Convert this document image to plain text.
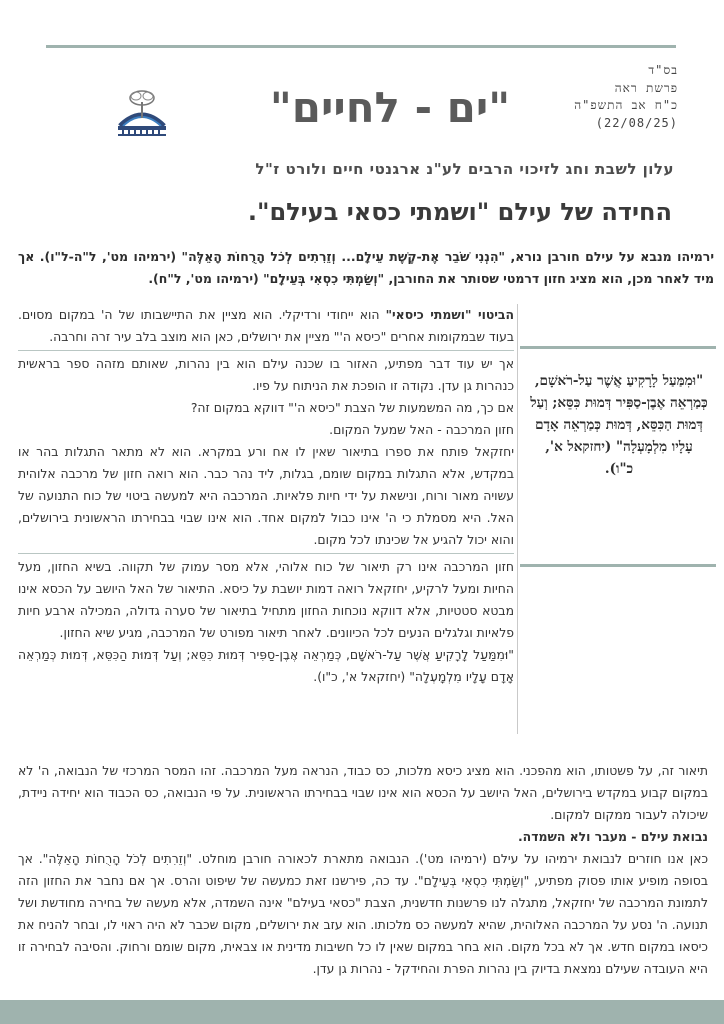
בס"ד
פרשת ראה
כ"ח אב התשפ"ה
(22/08/25)
"ים - לחיים"
עלון לשבת וחג לזיכוי הרבים לע"נ ארגנטי חיים ולורט ז"ל
החידה של עילם "ושמתי כסאי בעילם".

ירמיהו מנבא על עילם חורבן נורא, "הִנְנִי שֹׁבֵר אֶת-קֶשֶׁת עֵילָם... וְזֵרִתִים לְכֹל הָרֻחוֹת הָאֵלֶּה" (ירמיהו מט', ל"ה-ל"ו). אך מיד לאחר מכן, הוא מציג חזון דרמטי שסותר את החורבן, "וְשַׂמְתִּי כִסְאִי בְּעֵילָם" (ירמיהו מט', ל"ח).

הביטוי "ושמתי כיסאי" הוא ייחודי ורדיקלי. הוא מציין את התיישבותו של ה' במקום מסוים. בעוד שבמקומות אחרים "כיסא ה'" מציין את ירושלים, כאן הוא מוצב בלב עיר זרה וחרבה.

אך יש עוד דבר מפתיע, האזור בו שכנה עילם הוא בין נהרות, שאותם מזהה ספר בראשית כנהרות גן עדן. נקודה זו הופכת את הניתוח על פיו.

אם כך, מה המשמעות של הצבת "כיסא ה'" דווקא במקום זה?

חזון המרכבה - האל שמעל המקום.

יחזקאל פותח את ספרו בתיאור שאין לו אח ורע במקרא. הוא לא מתאר התגלות בהר או במקדש, אלא התגלות במקום שומם, בגלות, ליד נהר כבר. הוא רואה חזון של מרכבה אלוהית עשויה מאור ורוח, ונישאת על ידי חיות פלאיות. המרכבה היא למעשה ביטוי של כוח התנועה של האל. היא מסמלת כי ה' אינו כבול למקום אחד. הוא אינו שבוי בבחירתו הראשונית בירושלים, והוא יכול להגיע אל שכינתו לכל מקום.

חזון המרכבה אינו רק תיאור של כוח אלוהי, אלא מסר עמוק של תקווה. בשיא החזון, מעל החיות ומעל לרקיע, יחזקאל רואה דמות יושבת על כיסא. התיאור של האל היושב על הכסא אינו מבטא סטטיות, אלא דווקא נוכחות החזון מתחיל בתיאור של סערה גדולה, המכילה ארבע חיות פלאיות וגלגלים הנעים לכל הכיוונים. לאחר תיאור מפורט של המרכבה, מגיע שיא החזון.

"וּמִמַּעַל לָרָקִיעַ אֲשֶׁר עַל-רֹאשָׁם, כְּמַרְאֵה אֶבֶן-סַפִּיר דְּמוּת כִּסֵּא; וְעַל דְּמוּת הַכִּסֵּא, דְּמוּת כְּמַרְאֵה אָדָם עָלָיו מִלְמָעְלָה" (יחזקאל א', כ"ו).

"וּמִמַּעַל לָרָקִיעַ אֲשֶׁר עַל-רֹאשָׁם, כְּמַרְאֵה אֶבֶן-סַפִּיר דְּמוּת כִּסֵּא; וְעַל דְּמוּת הַכִּסֵּא, דְּמוּת כְּמַרְאֵה אָדָם עָלָיו מִלְמָעְלָה" (יחזקאל א', כ"ו).

תיאור זה, על פשטותו, הוא מהפכני. הוא מציג כיסא מלכות, כס כבוד, הנראה מעל המרכבה. זהו המסר המרכזי של הנבואה, ה' לא במקום קבוע במקדש בירושלים, האל היושב על הכסא הוא אינו שבוי בבחירתו הראשונית. על פי הנבואה, כס הכבוד הוא יחידה ניידת, שיכולה לעבור ממקום למקום.

נבואת עילם - מעבר ולא השמדה.

כאן אנו חוזרים לנבואת ירמיהו על עילם (ירמיהו מט'). הנבואה מתארת לכאורה חורבן מוחלט. "וְזֵרִתִים לְכֹל הָרֻחוֹת הָאֵלֶּה". אך בסופה מופיע אותו פסוק מפתיע, "וְשַׂמְתִּי כִסְאִי בְּעֵילָם". עד כה, פירשנו זאת כמעשה של שיפוט והרס. אך אם נחבר את החזון הזה לתמונת המרכבה של יחזקאל, מתגלה לנו פרשנות חדשנית, הצבת "כסאי בעילם" אינה השמדה, אלא מעשה של בחירה מחודשת ושל תנועה. ה' נסע על המרכבה האלוהית, שהיא למעשה כס מלכותו. הוא עזב את ירושלים, מקום שכבר לא היה ראוי לו, ובחר להניח את כיסאו במקום חדש. אך לא בכל מקום. הוא בחר במקום שאין לו כל חשיבות מדינית או צבאית, מקום שומם ורחוק. והסיבה לבחירה זו היא העובדה שעילם נמצאת בדיוק בין נהרות הפרת והחידקל - נהרות גן עדן.
